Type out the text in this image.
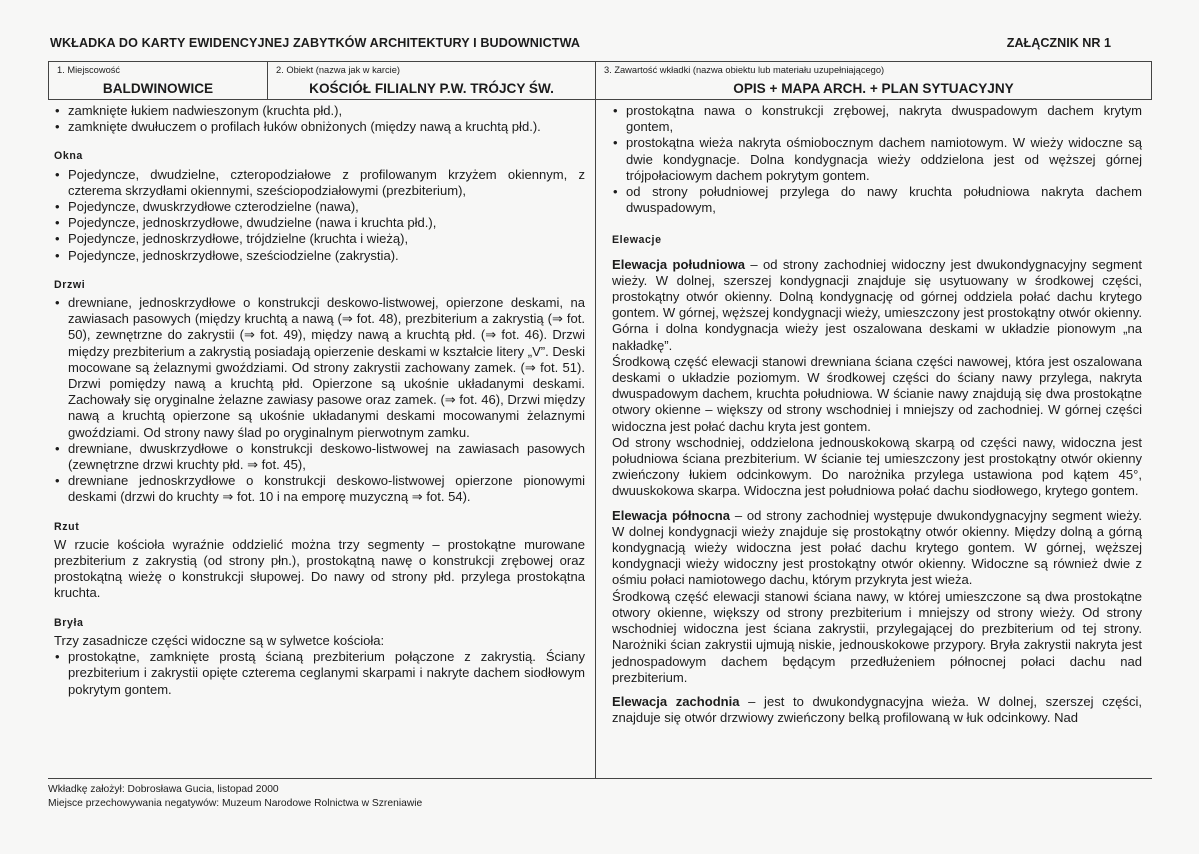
WKŁADKA DO KARTY EWIDENCYJNEJ ZABYTKÓW ARCHITEKTURY I BUDOWNICTWA	ZAŁĄCZNIK NR 1
1. Miejscowość
BALDWINOWICE
2. Obiekt (nazwa jak w karcie)
KOŚCIÓŁ FILIALNY P.W. TRÓJCY ŚW.
3. Zawartość wkładki (nazwa obiektu lub materiału uzupełniającego)
OPIS + MAPA ARCH. + PLAN SYTUACYJNY
• zamknięte łukiem nadwieszonym (kruchta płd.),
• zamknięte dwułuczem o profilach łuków obniżonych (między nawą a kruchtą płd.).
Okna
• Pojedyncze, dwudzielne, czteropodziałowe z profilowanym krzyżem okiennym, z czterema skrzydłami okiennymi, sześciopodziałowymi (prezbiterium),
• Pojedyncze, dwuskrzydłowe czterodzielne (nawa),
• Pojedyncze, jednoskrzydłowe, dwudzielne (nawa i kruchta płd.),
• Pojedyncze, jednoskrzydłowe, trójdzielne (kruchta i wieżą),
• Pojedyncze, jednoskrzydłowe, sześciodzielne (zakrystia).
Drzwi
• drewniane, jednoskrzydłowe o konstrukcji deskowo-listwowej, opierzone deskami, na zawiasach pasowych (między kruchtą a nawą (⇒ fot. 48), prezbiterium a zakrystią (⇒ fot. 50), zewnętrzne do zakrystii (⇒ fot. 49), między nawą a kruchtą płd. (⇒ fot. 46). Drzwi między prezbiterium a zakrystią posiadają opierzenie deskami w kształcie litery „V”. Deski mocowane są żelaznymi gwoździami. Od strony zakrystii zachowany zamek. (⇒ fot. 51). Drzwi pomiędzy nawą a kruchtą płd. Opierzone są ukośnie układanymi deskami. Zachowały się oryginalne żelazne zawiasy pasowe oraz zamek. (⇒ fot. 46), Drzwi między nawą a kruchtą opierzone są ukośnie układanymi deskami mocowanymi żelaznymi gwoździami. Od strony nawy ślad po oryginalnym pierwotnym zamku.
• drewniane, dwuskrzydłowe o konstrukcji deskowo-listwowej na zawiasach pasowych (zewnętrzne drzwi kruchty płd. ⇒ fot. 45),
• drewniane jednoskrzydłowe o konstrukcji deskowo-listwowej opierzone pionowymi deskami (drzwi do kruchty ⇒ fot. 10 i na emporę muzyczną ⇒ fot. 54).
Rzut

W rzucie kościoła wyraźnie oddzielić można trzy segmenty – prostokątne murowane prezbiterium z zakrystią (od strony płn.), prostokątną nawę o konstrukcji zrębowej oraz prostokątną wieżę o konstrukcji słupowej. Do nawy od strony płd. przylega prostokątna kruchta.

Bryła

Trzy zasadnicze części widoczne są w sylwetce kościoła:

• prostokątne, zamknięte prostą ścianą prezbiterium połączone z zakrystią. Ściany prezbiterium i zakrystii opięte czterema ceglanymi skarpami i nakryte dachem siodłowym pokrytym gontem.
• prostokątna nawa o konstrukcji zrębowej, nakryta dwuspadowym dachem krytym gontem,
• prostokątna wieża nakryta ośmiobocznym dachem namiotowym. W wieży widoczne są dwie kondygnacje. Dolna kondygnacja wieży oddzielona jest od węższej górnej trójpołaciowym dachem pokrytym gontem.
• od strony południowej przylega do nawy kruchta południowa nakryta dachem dwuspadowym,
Elewacje

Elewacja południowa – od strony zachodniej widoczny jest dwukondygnacyjny segment wieży. W dolnej, szerszej kondygnacji znajduje się usytuowany w środkowej części, prostokątny otwór okienny. Dolną kondygnację od górnej oddziela połać dachu krytego gontem. W górnej, węższej kondygnacji wieży, umieszczony jest prostokątny otwór okienny. Górna i dolna kondygnacja wieży jest oszalowana deskami w układzie pionowym „na nakładkę”.

Środkową część elewacji stanowi drewniana ściana części nawowej, która jest oszalowana deskami o układzie poziomym. W środkowej części do ściany nawy przylega, nakryta dwuspadowym dachem, kruchta południowa. W ścianie nawy znajdują się dwa prostokątne otwory okienne – większy od strony wschodniej i mniejszy od zachodniej. W górnej części widoczna jest połać dachu kryta jest gontem.

Od strony wschodniej, oddzielona jednouskokową skarpą od części nawy, widoczna jest południowa ściana prezbiterium. W ścianie tej umieszczony jest prostokątny otwór okienny zwieńczony łukiem odcinkowym. Do narożnika przylega ustawiona pod kątem 45°, dwuuskokowa skarpa. Widoczna jest południowa połać dachu siodłowego, krytego gontem.

Elewacja północna – od strony zachodniej występuje dwukondygnacyjny segment wieży. W dolnej kondygnacji wieży znajduje się prostokątny otwór okienny. Między dolną a górną kondygnacją wieży widoczna jest połać dachu krytego gontem. W górnej, węższej kondygnacji wieży widoczny jest prostokątny otwór okienny. Widoczne są również dwie z ośmiu połaci namiotowego dachu, którym przykryta jest wieża.

Środkową część elewacji stanowi ściana nawy, w której umieszczone są dwa prostokątne otwory okienne, większy od strony prezbiterium i mniejszy od strony wieży. Od strony wschodniej widoczna jest ściana zakrystii, przylegającej do prezbiterium od tej strony. Narożniki ścian zakrystii ujmują niskie, jednouskokowe przypory. Bryła zakrystii nakryta jest jednospadowym dachem będącym przedłużeniem północnej połaci dachu nad prezbiterium.

Elewacja zachodnia – jest to dwukondygnacyjna wieża. W dolnej, szerszej części, znajduje się otwór drzwiowy zwieńczony belką profilowaną w łuk odcinkowy. Nad

Wkładkę założył: Dobrosława Gucia, listopad 2000
Miejsce przechowywania negatywów: Muzeum Narodowe Rolnictwa w Szreniawie
